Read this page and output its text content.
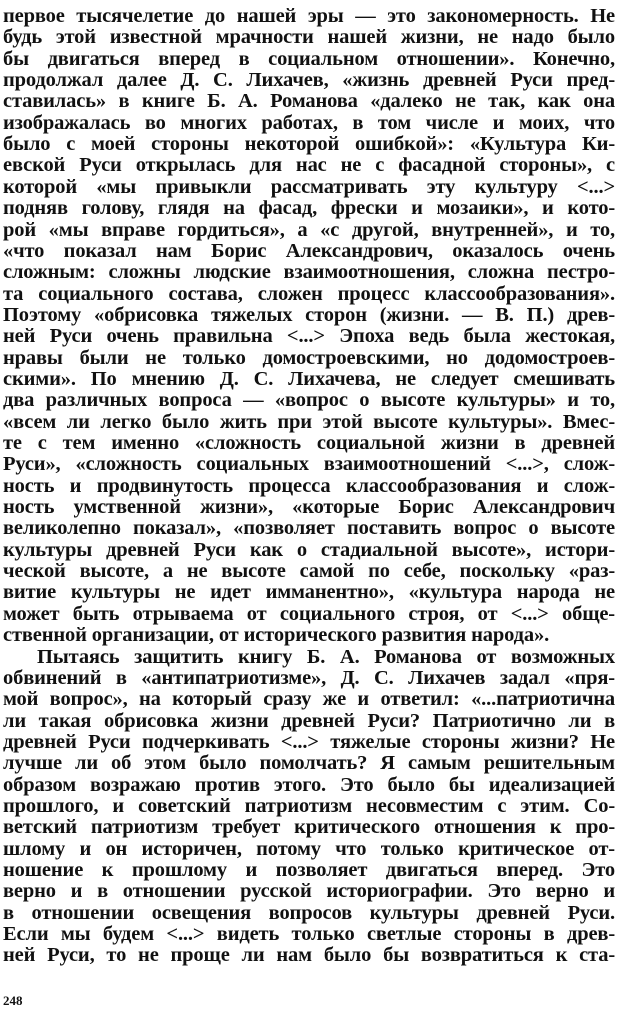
первое тысячелетие до нашей эры — это закономерность. Не
будь этой известной мрачности нашей жизни, не надо было
бы двигаться вперед в социальном отношении». Конечно,
продолжал далее Д. С. Лихачев, «жизнь древней Руси пред-
ставилась» в книге Б. А. Романова «далеко не так, как она
изображалась во многих работах, в том числе и моих, что
было с моей стороны некоторой ошибкой»: «Культура Ки-
евской Руси открылась для нас не с фасадной стороны», с
которой «мы привыкли рассматривать эту культуру <...>
подняв голову, глядя на фасад, фрески и мозаики», и кото-
рой «мы вправе гордиться», а «с другой, внутренней», и то,
«что показал нам Борис Александрович, оказалось очень
сложным: сложны людские взаимоотношения, сложна пестро-
та социального состава, сложен процесс классообразования».
Поэтому «обрисовка тяжелых сторон (жизни. — В. П.) древ-
ней Руси очень правильна <...> Эпоха ведь была жестокая,
нравы были не только домостроевскими, но додомостроев-
скими». По мнению Д. С. Лихачева, не следует смешивать
два различных вопроса — «вопрос о высоте культуры» и то,
«всем ли легко было жить при этой высоте культуры». Вмес-
те с тем именно «сложность социальной жизни в древней
Руси», «сложность социальных взаимоотношений <...>, слож-
ность и продвинутость процесса классообразования и слож-
ность умственной жизни», «которые Борис Александрович
великолепно показал», «позволяет поставить вопрос о высоте
культуры древней Руси как о стадиальной высоте», истори-
ческой высоте, а не высоте самой по себе, поскольку «раз-
витие культуры не идет имманентно», «культура народа не
может быть отрываема от социального строя, от <...> обще-
ственной организации, от исторического развития народа».
Пытаясь защитить книгу Б. А. Романова от возможных
обвинений в «антипатриотизме», Д. С. Лихачев задал «пря-
мой вопрос», на который сразу же и ответил: «...патриотична
ли такая обрисовка жизни древней Руси? Патриотично ли в
древней Руси подчеркивать <...> тяжелые стороны жизни? Не
лучше ли об этом было помолчать? Я самым решительным
образом возражаю против этого. Это было бы идеализацией
прошлого, и советский патриотизм несовместим с этим. Со-
ветский патриотизм требует критического отношения к про-
шлому и он историчен, потому что только критическое от-
ношение к прошлому и позволяет двигаться вперед. Это
верно и в отношении русской историографии. Это верно и
в отношении освещения вопросов культуры древней Руси.
Если мы будем <...> видеть только светлые стороны в древ-
ней Руси, то не проще ли нам было бы возвратиться к ста-
248
